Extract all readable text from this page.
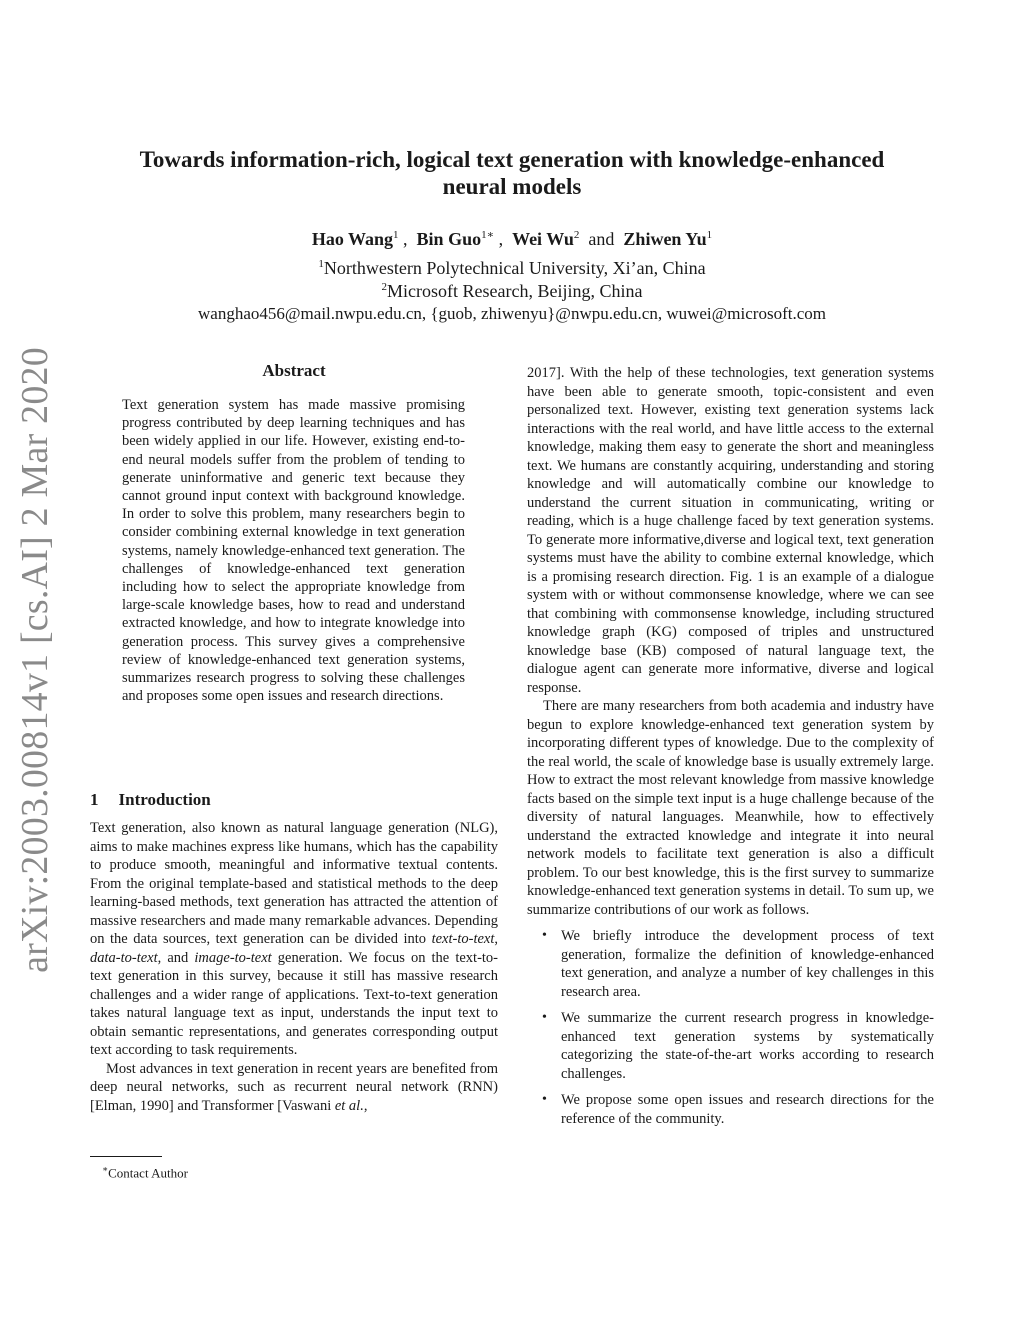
arXiv:2003.00814v1 [cs.AI] 2 Mar 2020
Towards information-rich, logical text generation with knowledge-enhanced neural models
Hao Wang$^1$ ,  Bin Guo$^{1∗}$ ,  Wei Wu$^2$ and Zhiwen Yu$^1$
$^1$Northwestern Polytechnical University, Xi’an, China
$^2$Microsoft Research, Beijing, China
wanghao456@mail.nwpu.edu.cn, {guob, zhiwenyu}@nwpu.edu.cn, wuwei@microsoft.com
Abstract

Text generation system has made massive promising progress contributed by deep learning techniques and has been widely applied in our life. However, existing end-to-end neural models suffer from the problem of tending to generate uninformative and generic text because they cannot ground input context with background knowledge. In order to solve this problem, many researchers begin to consider combining external knowledge in text generation systems, namely knowledge-enhanced text generation. The challenges of knowledge-enhanced text generation including how to select the appropriate knowledge from large-scale knowledge bases, how to read and understand extracted knowledge, and how to integrate knowledge into generation process. This survey gives a comprehensive review of knowledge-enhanced text generation systems, summarizes research progress to solving these challenges and proposes some open issues and research directions.

1 Introduction

Text generation, also known as natural language generation (NLG), aims to make machines express like humans, which has the capability to produce smooth, meaningful and informative textual contents. From the original template-based and statistical methods to the deep learning-based methods, text generation has attracted the attention of massive researchers and made many remarkable advances. Depending on the data sources, text generation can be divided into text-to-text, data-to-text, and image-to-text generation. We focus on the text-to-text generation in this survey, because it still has massive research challenges and a wider range of applications. Text-to-text generation takes natural language text as input, understands the input text to obtain semantic representations, and generates corresponding output text according to task requirements.

Most advances in text generation in recent years are benefited from deep neural networks, such as recurrent neural network (RNN) [Elman, 1990] and Transformer [Vaswani et al.,

∗Contact Author

2017]. With the help of these technologies, text generation systems have been able to generate smooth, topic-consistent and even personalized text. However, existing text generation systems lack interactions with the real world, and have little access to the external knowledge, making them easy to generate the short and meaningless text. We humans are constantly acquiring, understanding and storing knowledge and will automatically combine our knowledge to understand the current situation in communicating, writing or reading, which is a huge challenge faced by text generation systems. To generate more informative,diverse and logical text, text generation systems must have the ability to combine external knowledge, which is a promising research direction. Fig. 1 is an example of a dialogue system with or without commonsense knowledge, where we can see that combining with commonsense knowledge, including structured knowledge graph (KG) composed of triples and unstructured knowledge base (KB) composed of natural language text, the dialogue agent can generate more informative, diverse and logical response.

There are many researchers from both academia and industry have begun to explore knowledge-enhanced text generation system by incorporating different types of knowledge. Due to the complexity of the real world, the scale of knowledge base is usually extremely large. How to extract the most relevant knowledge from massive knowledge facts based on the simple text input is a huge challenge because of the diversity of natural languages. Meanwhile, how to effectively understand the extracted knowledge and integrate it into neural network models to facilitate text generation is also a difficult problem. To our best knowledge, this is the first survey to summarize knowledge-enhanced text generation systems in detail. To sum up, we summarize contributions of our work as follows.

• We briefly introduce the development process of text generation, formalize the definition of knowledge-enhanced text generation, and analyze a number of key challenges in this research area.
• We summarize the current research progress in knowledge-enhanced text generation systems by systematically categorizing the state-of-the-art works according to research challenges.
• We propose some open issues and research directions for the reference of the community.
